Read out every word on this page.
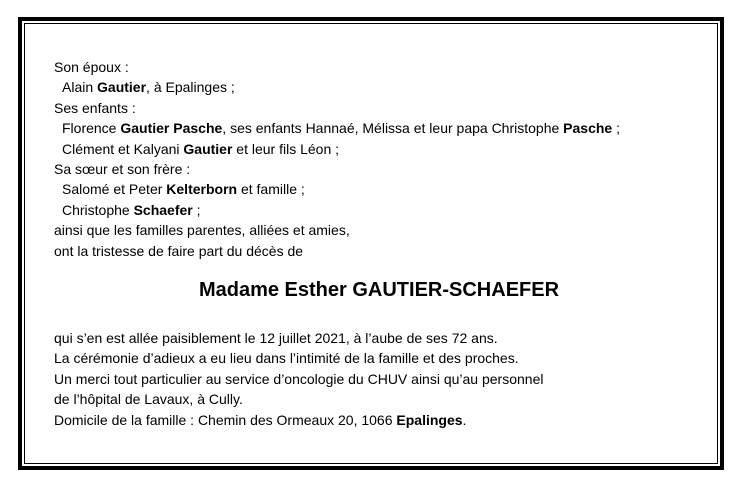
Son époux :
Alain Gautier, à Epalinges ;
Ses enfants :
Florence Gautier Pasche, ses enfants Hannaé, Mélissa et leur papa Christophe Pasche ;
Clément et Kalyani Gautier et leur fils Léon ;
Sa sœur et son frère :
Salomé et Peter Kelterborn et famille ;
Christophe Schaefer ;
ainsi que les familles parentes, alliées et amies,
ont la tristesse de faire part du décès de
Madame Esther GAUTIER-SCHAEFER
qui s’en est allée paisiblement le 12 juillet 2021, à l’aube de ses 72 ans.
La cérémonie d’adieux a eu lieu dans l’intimité de la famille et des proches.
Un merci tout particulier au service d’oncologie du CHUV ainsi qu’au personnel
de l’hôpital de Lavaux, à Cully.
Domicile de la famille : Chemin des Ormeaux 20, 1066 Epalinges.
